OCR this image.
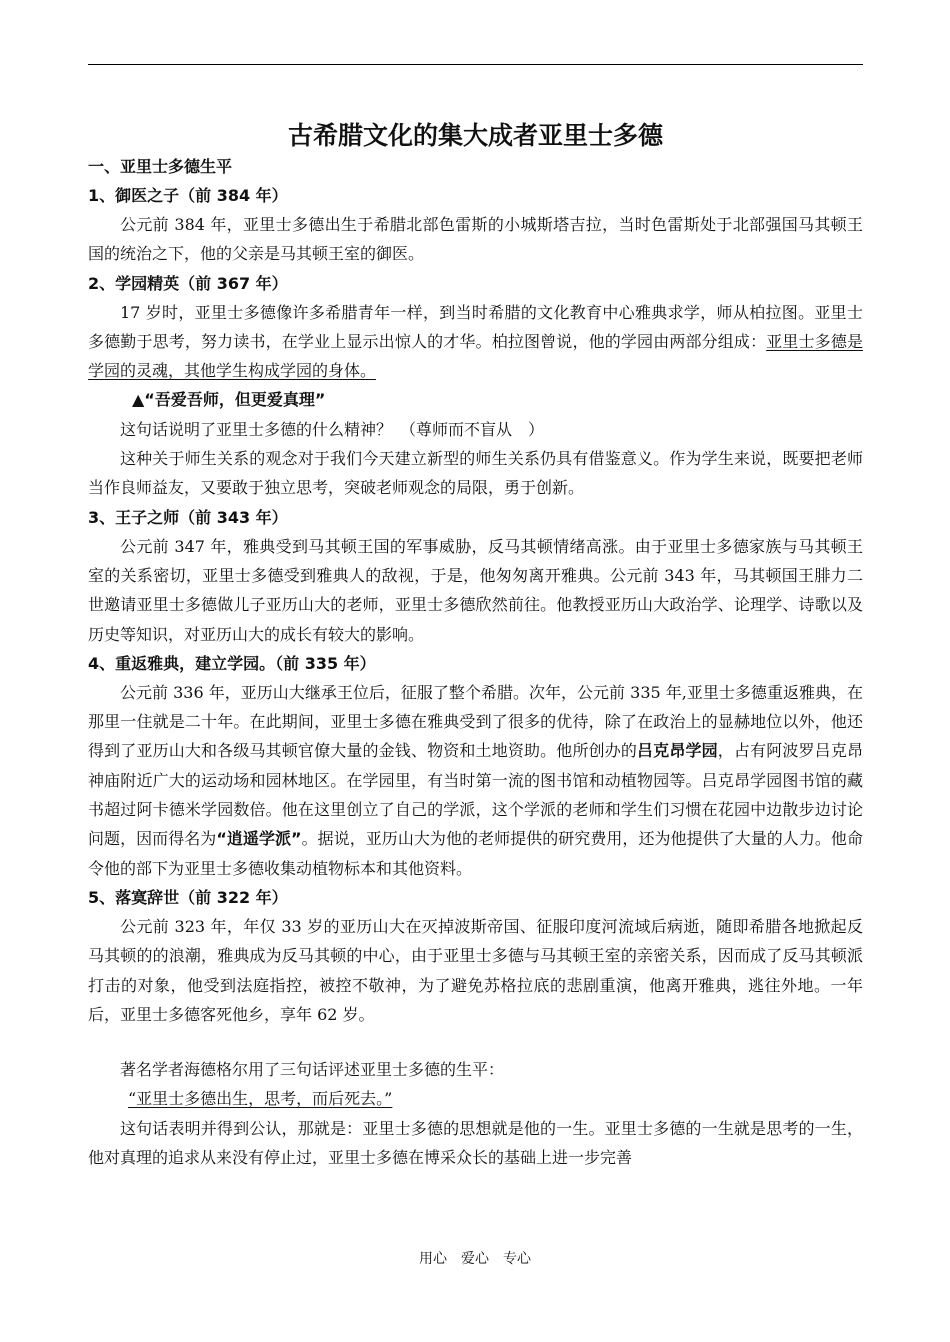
古希腊文化的集大成者亚里士多德
一、亚里士多德生平
1、御医之子（前 384 年）

公元前 384 年，亚里士多德出生于希腊北部色雷斯的小城斯塔吉拉，当时色雷斯处于北部强国马其顿王国的统治之下，他的父亲是马其顿王室的御医。

2、学园精英（前 367 年）

17 岁时，亚里士多德像许多希腊青年一样，到当时希腊的文化教育中心雅典求学，师从柏拉图。亚里士多德勤于思考，努力读书，在学业上显示出惊人的才华。柏拉图曾说，他的学园由两部分组成：亚里士多德是学园的灵魂，其他学生构成学园的身体。

▲“吾爱吾师，但更爱真理”
这句话说明了亚里士多德的什么精神？　（尊师而不盲从　）

这种关于师生关系的观念对于我们今天建立新型的师生关系仍具有借鉴意义。作为学生来说，既要把老师当作良师益友，又要敢于独立思考，突破老师观念的局限，勇于创新。

3、王子之师（前 343 年）

公元前 347 年，雅典受到马其顿王国的军事威胁，反马其顿情绪高涨。由于亚里士多德家族与马其顿王室的关系密切，亚里士多德受到雅典人的敌视，于是，他匆匆离开雅典。公元前 343 年，马其顿国王腓力二世邀请亚里士多德做儿子亚历山大的老师，亚里士多德欣然前往。他教授亚历山大政治学、论理学、诗歌以及历史等知识，对亚历山大的成长有较大的影响。

4、重返雅典，建立学园。（前 335 年）

公元前 336 年，亚历山大继承王位后，征服了整个希腊。次年，公元前 335 年,亚里士多德重返雅典，在那里一住就是二十年。在此期间，亚里士多德在雅典受到了很多的优待，除了在政治上的显赫地位以外，他还得到了亚历山大和各级马其顿官僚大量的金钱、物资和土地资助。他所创办的吕克昂学园，占有阿波罗吕克昂神庙附近广大的运动场和园林地区。在学园里，有当时第一流的图书馆和动植物园等。吕克昂学园图书馆的藏书超过阿卡德米学园数倍。他在这里创立了自己的学派，这个学派的老师和学生们习惯在花园中边散步边讨论问题，因而得名为“逍遥学派”。据说，亚历山大为他的老师提供的研究费用，还为他提供了大量的人力。他命令他的部下为亚里士多德收集动植物标本和其他资料。

5、落寞辞世（前 322 年）

公元前 323 年，年仅 33 岁的亚历山大在灭掉波斯帝国、征服印度河流域后病逝，随即希腊各地掀起反马其顿的的浪潮，雅典成为反马其顿的中心，由于亚里士多德与马其顿王室的亲密关系，因而成了反马其顿派打击的对象，他受到法庭指控，被控不敬神，为了避免苏格拉底的悲剧重演，他离开雅典，逃往外地。一年后，亚里士多德客死他乡，享年 62 岁。

著名学者海德格尔用了三句话评述亚里士多德的生平：
“亚里士多德出生，思考，而后死去。”

这句话表明并得到公认，那就是：亚里士多德的思想就是他的一生。亚里士多德的一生就是思考的一生，他对真理的追求从来没有停止过，亚里士多德在博采众长的基础上进一步完善

用心　爱心　专心
